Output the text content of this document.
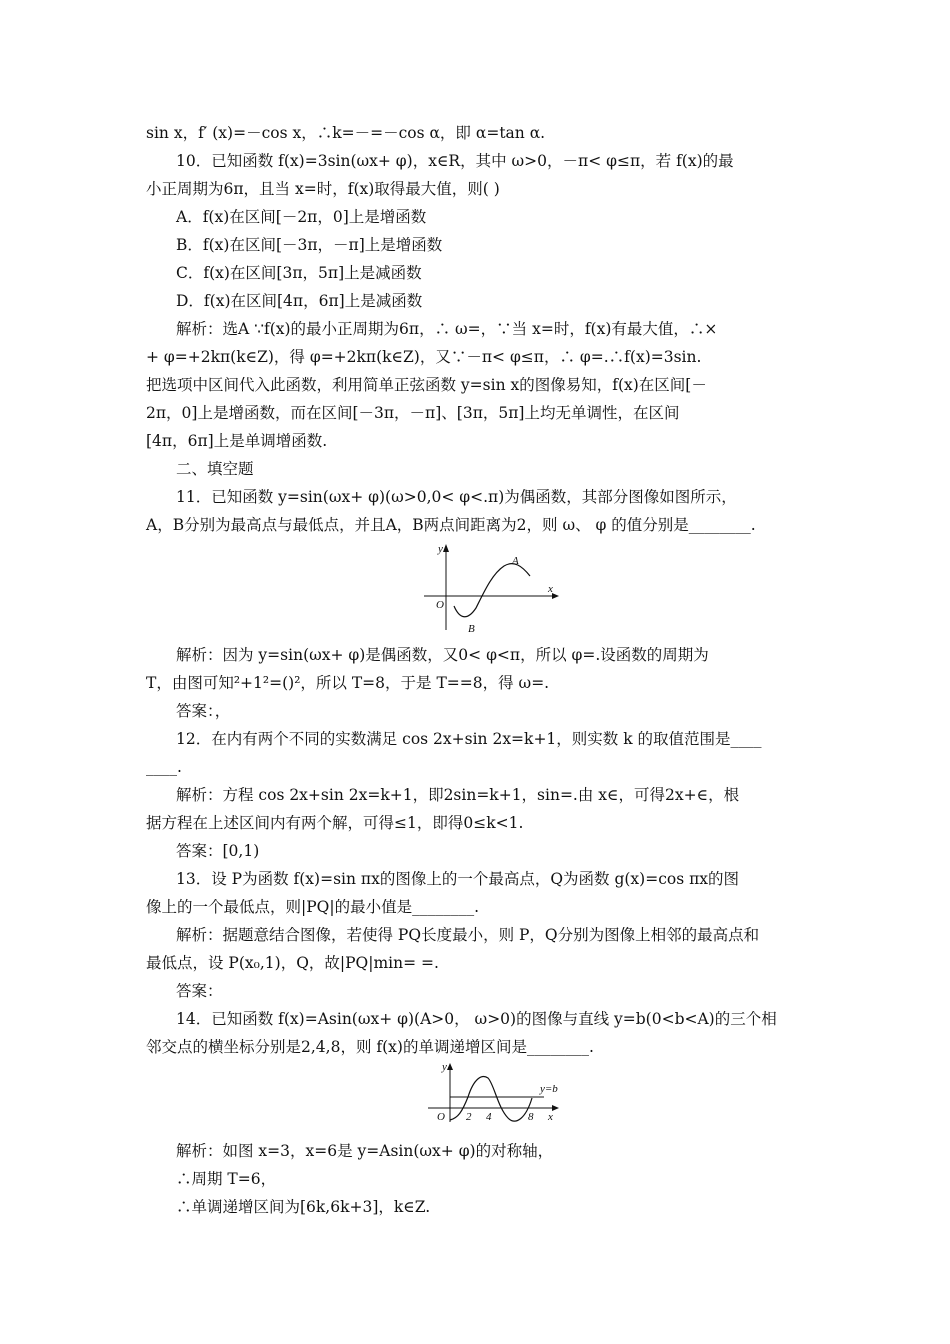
sin x，f′ (x)=－cos x，∴k=－=－cos α，即 α=tan α.
10．已知函数 f(x)=3sin(ωx+ φ)，x∈R，其中 ω>0，－π< φ≤π，若 f(x)的最
小正周期为6π，且当 x=时，f(x)取得最大值，则( )
A．f(x)在区间[－2π，0]上是增函数
B．f(x)在区间[－3π，－π]上是增函数
C．f(x)在区间[3π，5π]上是减函数
D．f(x)在区间[4π，6π]上是减函数
解析：选A ∵f(x)的最小正周期为6π，∴ ω=，∵当 x=时，f(x)有最大值，∴×
+ φ=+2kπ(k∈Z)，得 φ=+2kπ(k∈Z)，又∵－π< φ≤π，∴ φ=.∴f(x)=3sin.
把选项中区间代入此函数，利用简单正弦函数 y=sin x的图像易知，f(x)在区间[－
2π，0]上是增函数，而在区间[－3π，－π]、[3π，5π]上均无单调性，在区间
[4π，6π]上是单调增函数.
二、填空题
11．已知函数 y=sin(ωx+ φ)(ω>0,0< φ<.π)为偶函数，其部分图像如图所示，
A，B分别为最高点与最低点，并且A，B两点间距离为2，则 ω、 φ 的值分别是________.
y
x
O
A
B
解析：因为 y=sin(ωx+ φ)是偶函数，又0< φ<π，所以 φ=.设函数的周期为
T，由图可知²+1²=()²，所以 T=8，于是 T==8，得 ω=.
答案：，
12．在内有两个不同的实数满足 cos 2x+sin 2x=k+1，则实数 k 的取值范围是____
____.
解析：方程 cos 2x+sin 2x=k+1，即2sin=k+1，sin=.由 x∈，可得2x+∈，根
据方程在上述区间内有两个解，可得≤1，即得0≤k<1.
答案：[0,1)
13．设 P为函数 f(x)=sin πx的图像上的一个最高点，Q为函数 g(x)=cos πx的图
像上的一个最低点，则|PQ|的最小值是________.
解析：据题意结合图像，若使得 PQ长度最小，则 P，Q分别为图像上相邻的最高点和
最低点，设 P(x₀,1)，Q，故|PQ|min= =.
答案：
14．已知函数 f(x)=Asin(ωx+ φ)(A>0， ω>0)的图像与直线 y=b(0<b<A)的三个相
邻交点的横坐标分别是2,4,8，则 f(x)的单调递增区间是________.
y
y=b
O 2 4	8 x
解析：如图 x=3，x=6是 y=Asin(ωx+ φ)的对称轴，
∴周期 T=6，
∴单调递增区间为[6k,6k+3]，k∈Z.
